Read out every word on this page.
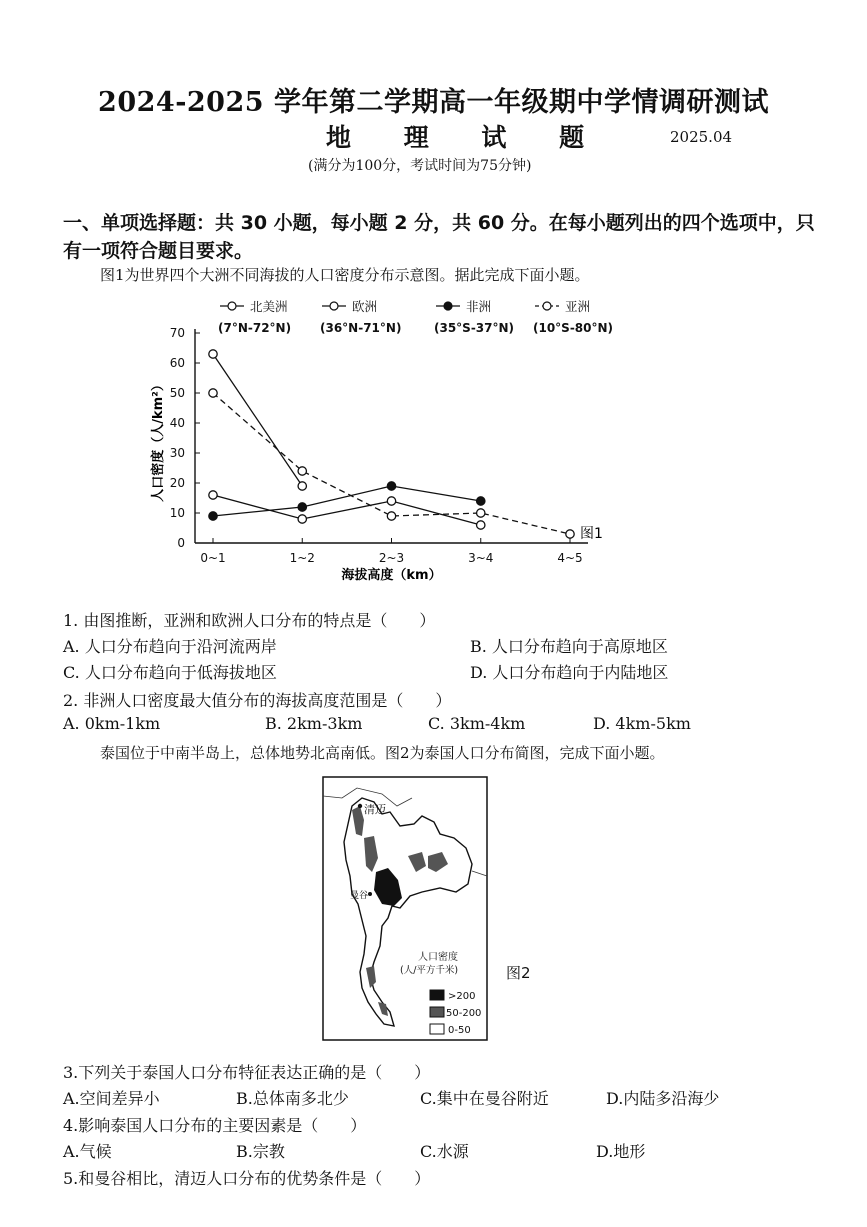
2024-2025 学年第二学期高一年级期中学情调研测试
地 理 试 题	2025.04
(满分为100分，考试时间为75分钟)
一、单项选择题：共 30 小题，每小题 2 分，共 60 分。在每小题列出的四个选项中，只
有一项符合题目要求。
图1为世界四个大洲不同海拔的人口密度分布示意图。据此完成下面小题。
北美洲
(7°N-72°N)
欧洲
(36°N-71°N)
非洲
(35°S-37°N)
亚洲
(10°S-80°N)
0
10
20
30
40
50
60
70
0~1	1~2	2~3	3~4	4~5
人口密度（人/km²）
海拔高度（km）
图1
1. 由图推断，亚洲和欧洲人口分布的特点是（　　）
A. 人口分布趋向于沿河流两岸	B. 人口分布趋向于高原地区
C. 人口分布趋向于低海拔地区	D. 人口分布趋向于内陆地区
2. 非洲人口密度最大值分布的海拔高度范围是（　　）
A. 0km-1km	B. 2km-3km	C. 3km-4km	D. 4km-5km
泰国位于中南半岛上，总体地势北高南低。图2为泰国人口分布简图，完成下面小题。
清迈
曼谷
人口密度
(人/平方千米)
>200
50-200
0-50
图2
3.下列关于泰国人口分布特征表达正确的是（　　）
A.空间差异小	B.总体南多北少	C.集中在曼谷附近	D.内陆多沿海少
4.影响泰国人口分布的主要因素是（　　）
A.气候	B.宗教	C.水源	D.地形
5.和曼谷相比，清迈人口分布的优势条件是（　　）
